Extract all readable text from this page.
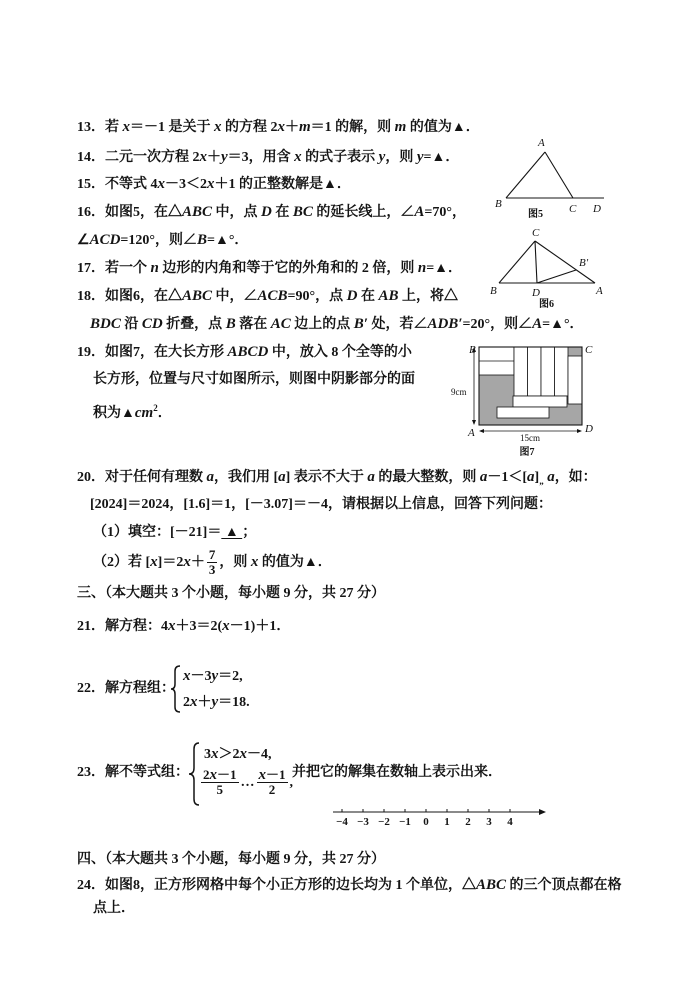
13．若 x＝－1 是关于 x 的方程 2x＋m＝1 的解，则 m 的值为▲．
14．二元一次方程 2x＋y＝3，用含 x 的式子表示 y，则 y=▲．
15．不等式 4x－3＜2x＋1 的正整数解是▲．
16．如图5，在△ABC 中，点 D 在 BC 的延长线上，∠A=70°，
∠ACD=120°，则∠B=▲°．
17．若一个 n 边形的内角和等于它的外角和的 2 倍，则 n=▲．
18．如图6，在△ABC 中，∠ACB=90°，点 D 在 AB 上，将△
BDC 沿 CD 折叠，点 B 落在 AC 边上的点 B′ 处，若∠ADB′=20°，则∠A=▲°．
19．如图7，在大长方形 ABCD 中，放入 8 个全等的小
长方形，位置与尺寸如图所示，则图中阴影部分的面
积为$▲cm^2$．
A
B	C D
图5
C
B′
B	D	A
图6
B	C
A	D
9cm
15cm
图7
20．对于任何有理数 a，我们用 [a] 表示不大于 a 的最大整数，则 $a-1<[a]_„$ a，如：
[2024]＝2024，[1.6]＝1，[－3.07]＝－4，请根据以上信息，回答下列问题：
（1）填空：[－21]＝ ▲ ；
（2）若 $[x]=2x+ \frac{7}{3}$ ，则 x 的值为▲．
三、（本大题共 3 个小题，每小题 9 分，共 27 分）
21．解方程：4x＋3＝2(x－1)＋1．
22．解方程组：
x－3y＝2,
2x＋y＝18.
23．解不等式组：
3x＞2x－4,
$\frac{2x-1}{5}$ … $\frac{x-1}{2}$ ,
并把它的解集在数轴上表示出来．
−4 −3 −2 −1 0 1 2 3 4
四、（本大题共 3 个小题，每小题 9 分，共 27 分）
24．如图8，正方形网格中每个小正方形的边长均为 1 个单位，△ABC 的三个顶点都在格
点上．
